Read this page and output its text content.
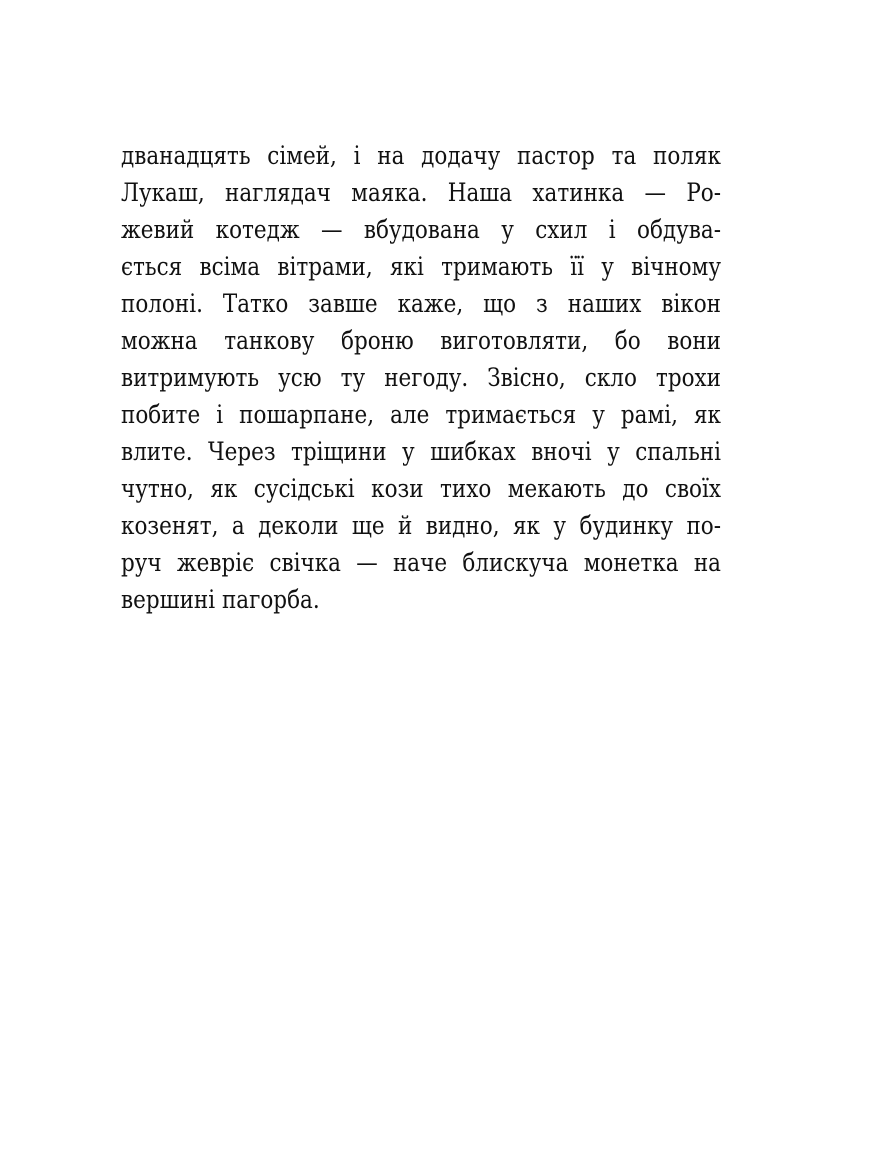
дванадцять сімей, і на додачу пастор та поляк
Лукаш, наглядач маяка. Наша хатинка — Ро-
жевий котедж — вбудована у схил і обдува-
ється всіма вітрами, які тримають її у вічному
полоні. Татко завше каже, що з наших вікон
можна танкову броню виготовляти, бо вони
витримують усю ту негоду. Звісно, скло трохи
побите і пошарпане, але тримається у рамі, як
влите. Через тріщини у шибках вночі у спальні
чутно, як сусідські кози тихо мекають до своїх
козенят, а деколи ще й видно, як у будинку по-
руч жевріє свічка — наче блискуча монетка на
вершині пагорба.
